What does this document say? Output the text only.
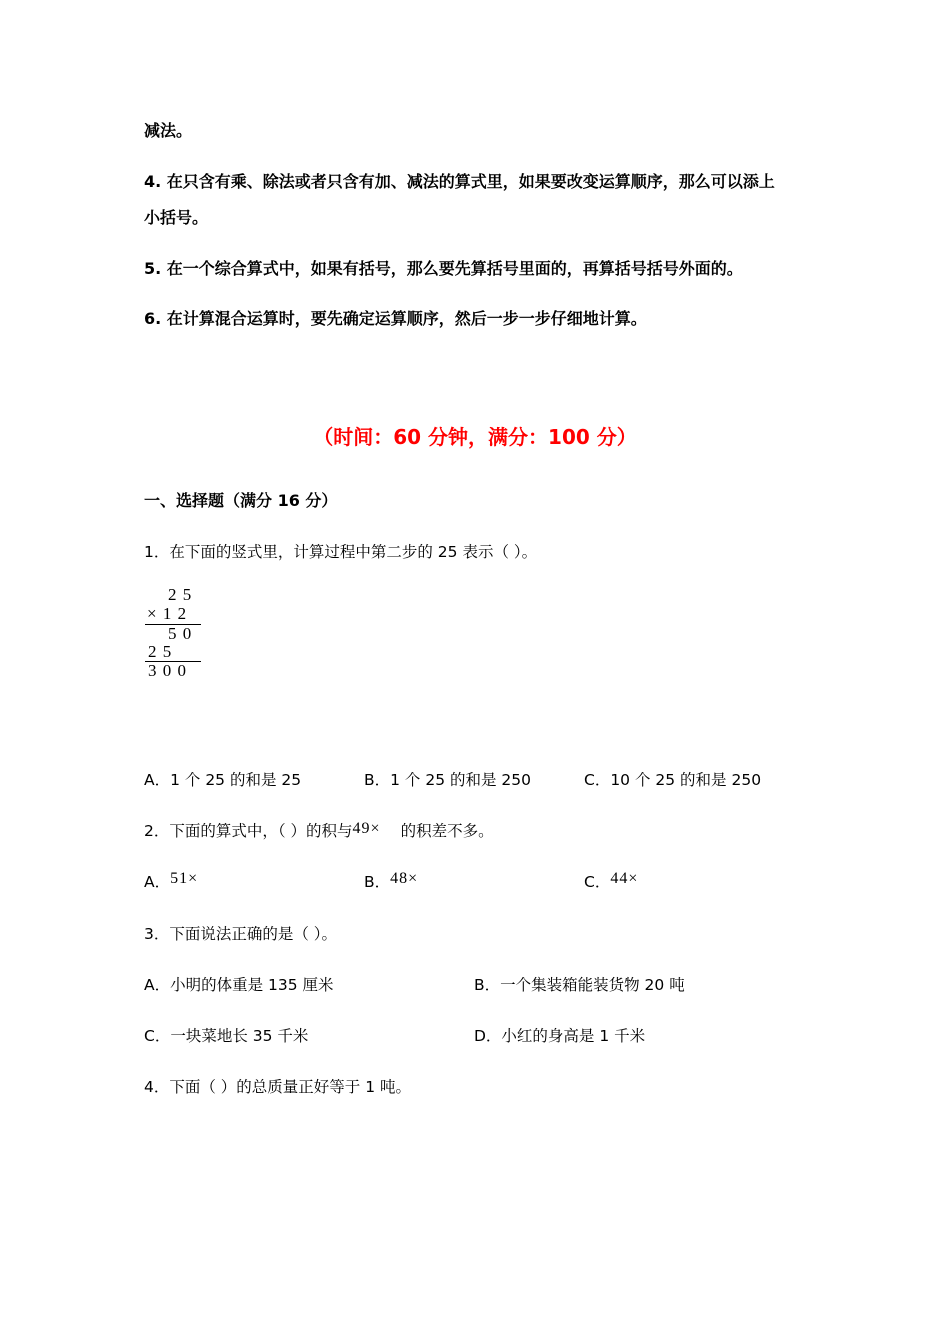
减法。
4. 在只含有乘、除法或者只含有加、减法的算式里，如果要改变运算顺序，那么可以添上
小括号。
5. 在一个综合算式中，如果有括号，那么要先算括号里面的，再算括号括号外面的。
6. 在计算混合运算时，要先确定运算顺序，然后一步一步仔细地计算。
（时间：60 分钟，满分：100 分）
一、选择题（满分 16 分）
1．在下面的竖式里，计算过程中第二步的 25 表示（ ）。
2 5
× 1 2
5 0
2 5
3 0 0
A．1 个 25 的和是 25	B．1 个 25 的和是 250	C．10 个 25 的和是 250
2．下面的算式中，（ ）的积与49× 的积差不多。
A．51×	B．48×	C．44×
3．下面说法正确的是（ ）。
A．小明的体重是 135 厘米	B．一个集装箱能装货物 20 吨
C．一块菜地长 35 千米	D．小红的身高是 1 千米
4．下面（ ）的总质量正好等于 1 吨。
